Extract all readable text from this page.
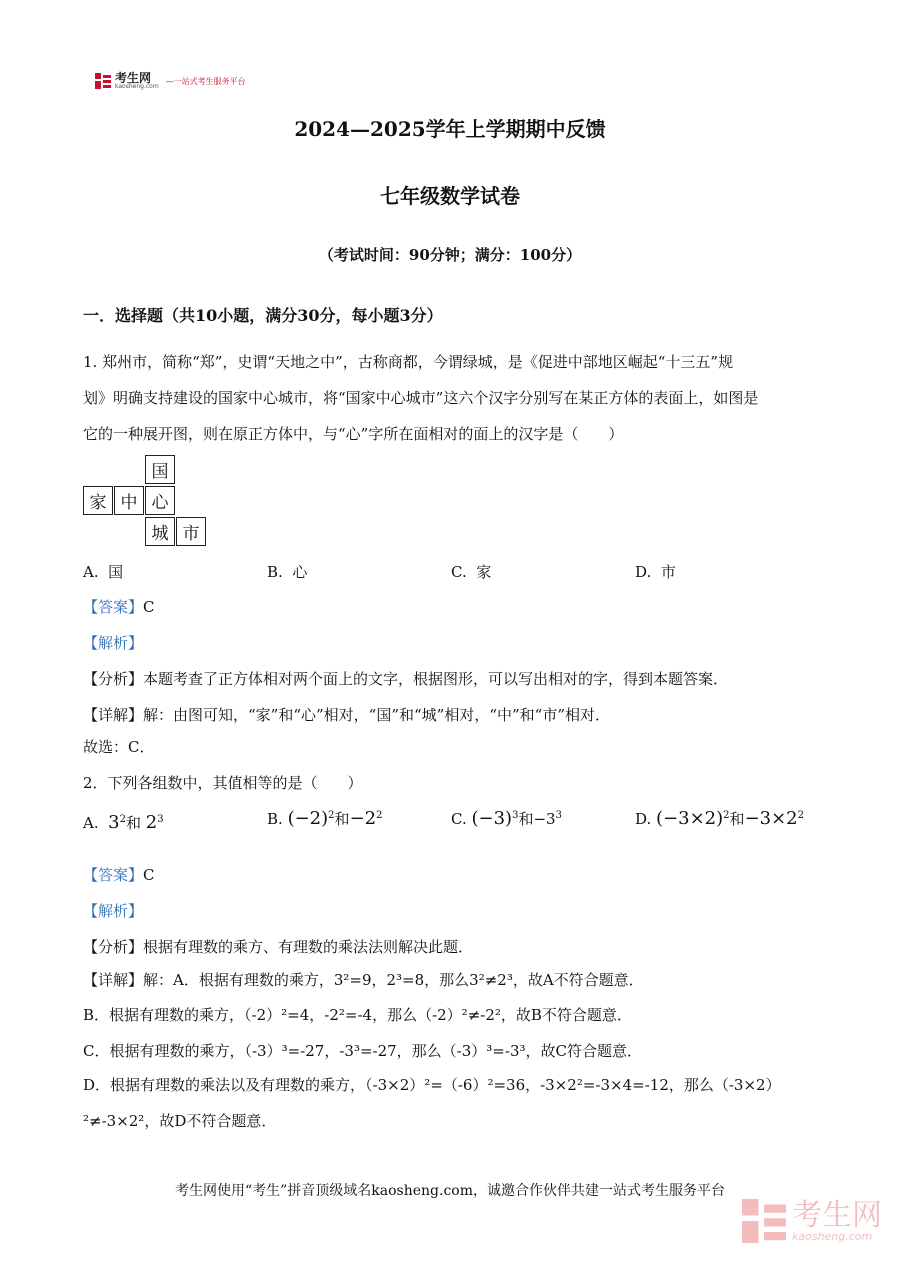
考生网
kaosheng.com
—一站式考生服务平台
2024—2025学年上学期期中反馈
七年级数学试卷
（考试时间：90分钟；满分：100分）
一．选择题（共10小题，满分30分，每小题3分）
1. 郑州市，简称“郑”，史谓“天地之中”，古称商都，今谓绿城，是《促进中部地区崛起“十三五”规
划》明确支持建设的国家中心城市，将“国家中心城市”这六个汉字分别写在某正方体的表面上，如图是
它的一种展开图，则在原正方体中，与“心”字所在面相对的面上的汉字是（　　）
国
家 中 心
城 市
A. 国	B. 心	C. 家	D. 市
【答案】C
【解析】
【分析】本题考查了正方体相对两个面上的文字，根据图形，可以写出相对的字，得到本题答案．
【详解】解：由图可知，“家”和“心”相对，“国”和“城”相对，“中”和“市”相对．
故选：C．
2．下列各组数中，其值相等的是（　　）
A. $3^2$和 $2^3$	B. $(-2)^2$和$-2^2$	C. $(-3)^3$和$-3^3$	D. $(-3\times 2)^2$和$-3\times 2^2$
【答案】C
【解析】
【分析】根据有理数的乘方、有理数的乘法法则解决此题．
【详解】解：A．根据有理数的乘方，3²=9，2³=8，那么3²≠2³，故A不符合题意．
B．根据有理数的乘方，（-2）²=4，-2²=-4，那么（-2）²≠-2²，故B不符合题意．
C．根据有理数的乘方，（-3）³=-27，-3³=-27，那么（-3）³=-3³，故C符合题意．
D．根据有理数的乘法以及有理数的乘方，（-3×2）²=（-6）²=36，-3×2²=-3×4=-12，那么（-3×2）
²≠-3×2²，故D不符合题意．
考生网使用“考生”拼音顶级域名kaosheng.com，诚邀合作伙伴共建一站式考生服务平台
考生网
kaosheng.com
